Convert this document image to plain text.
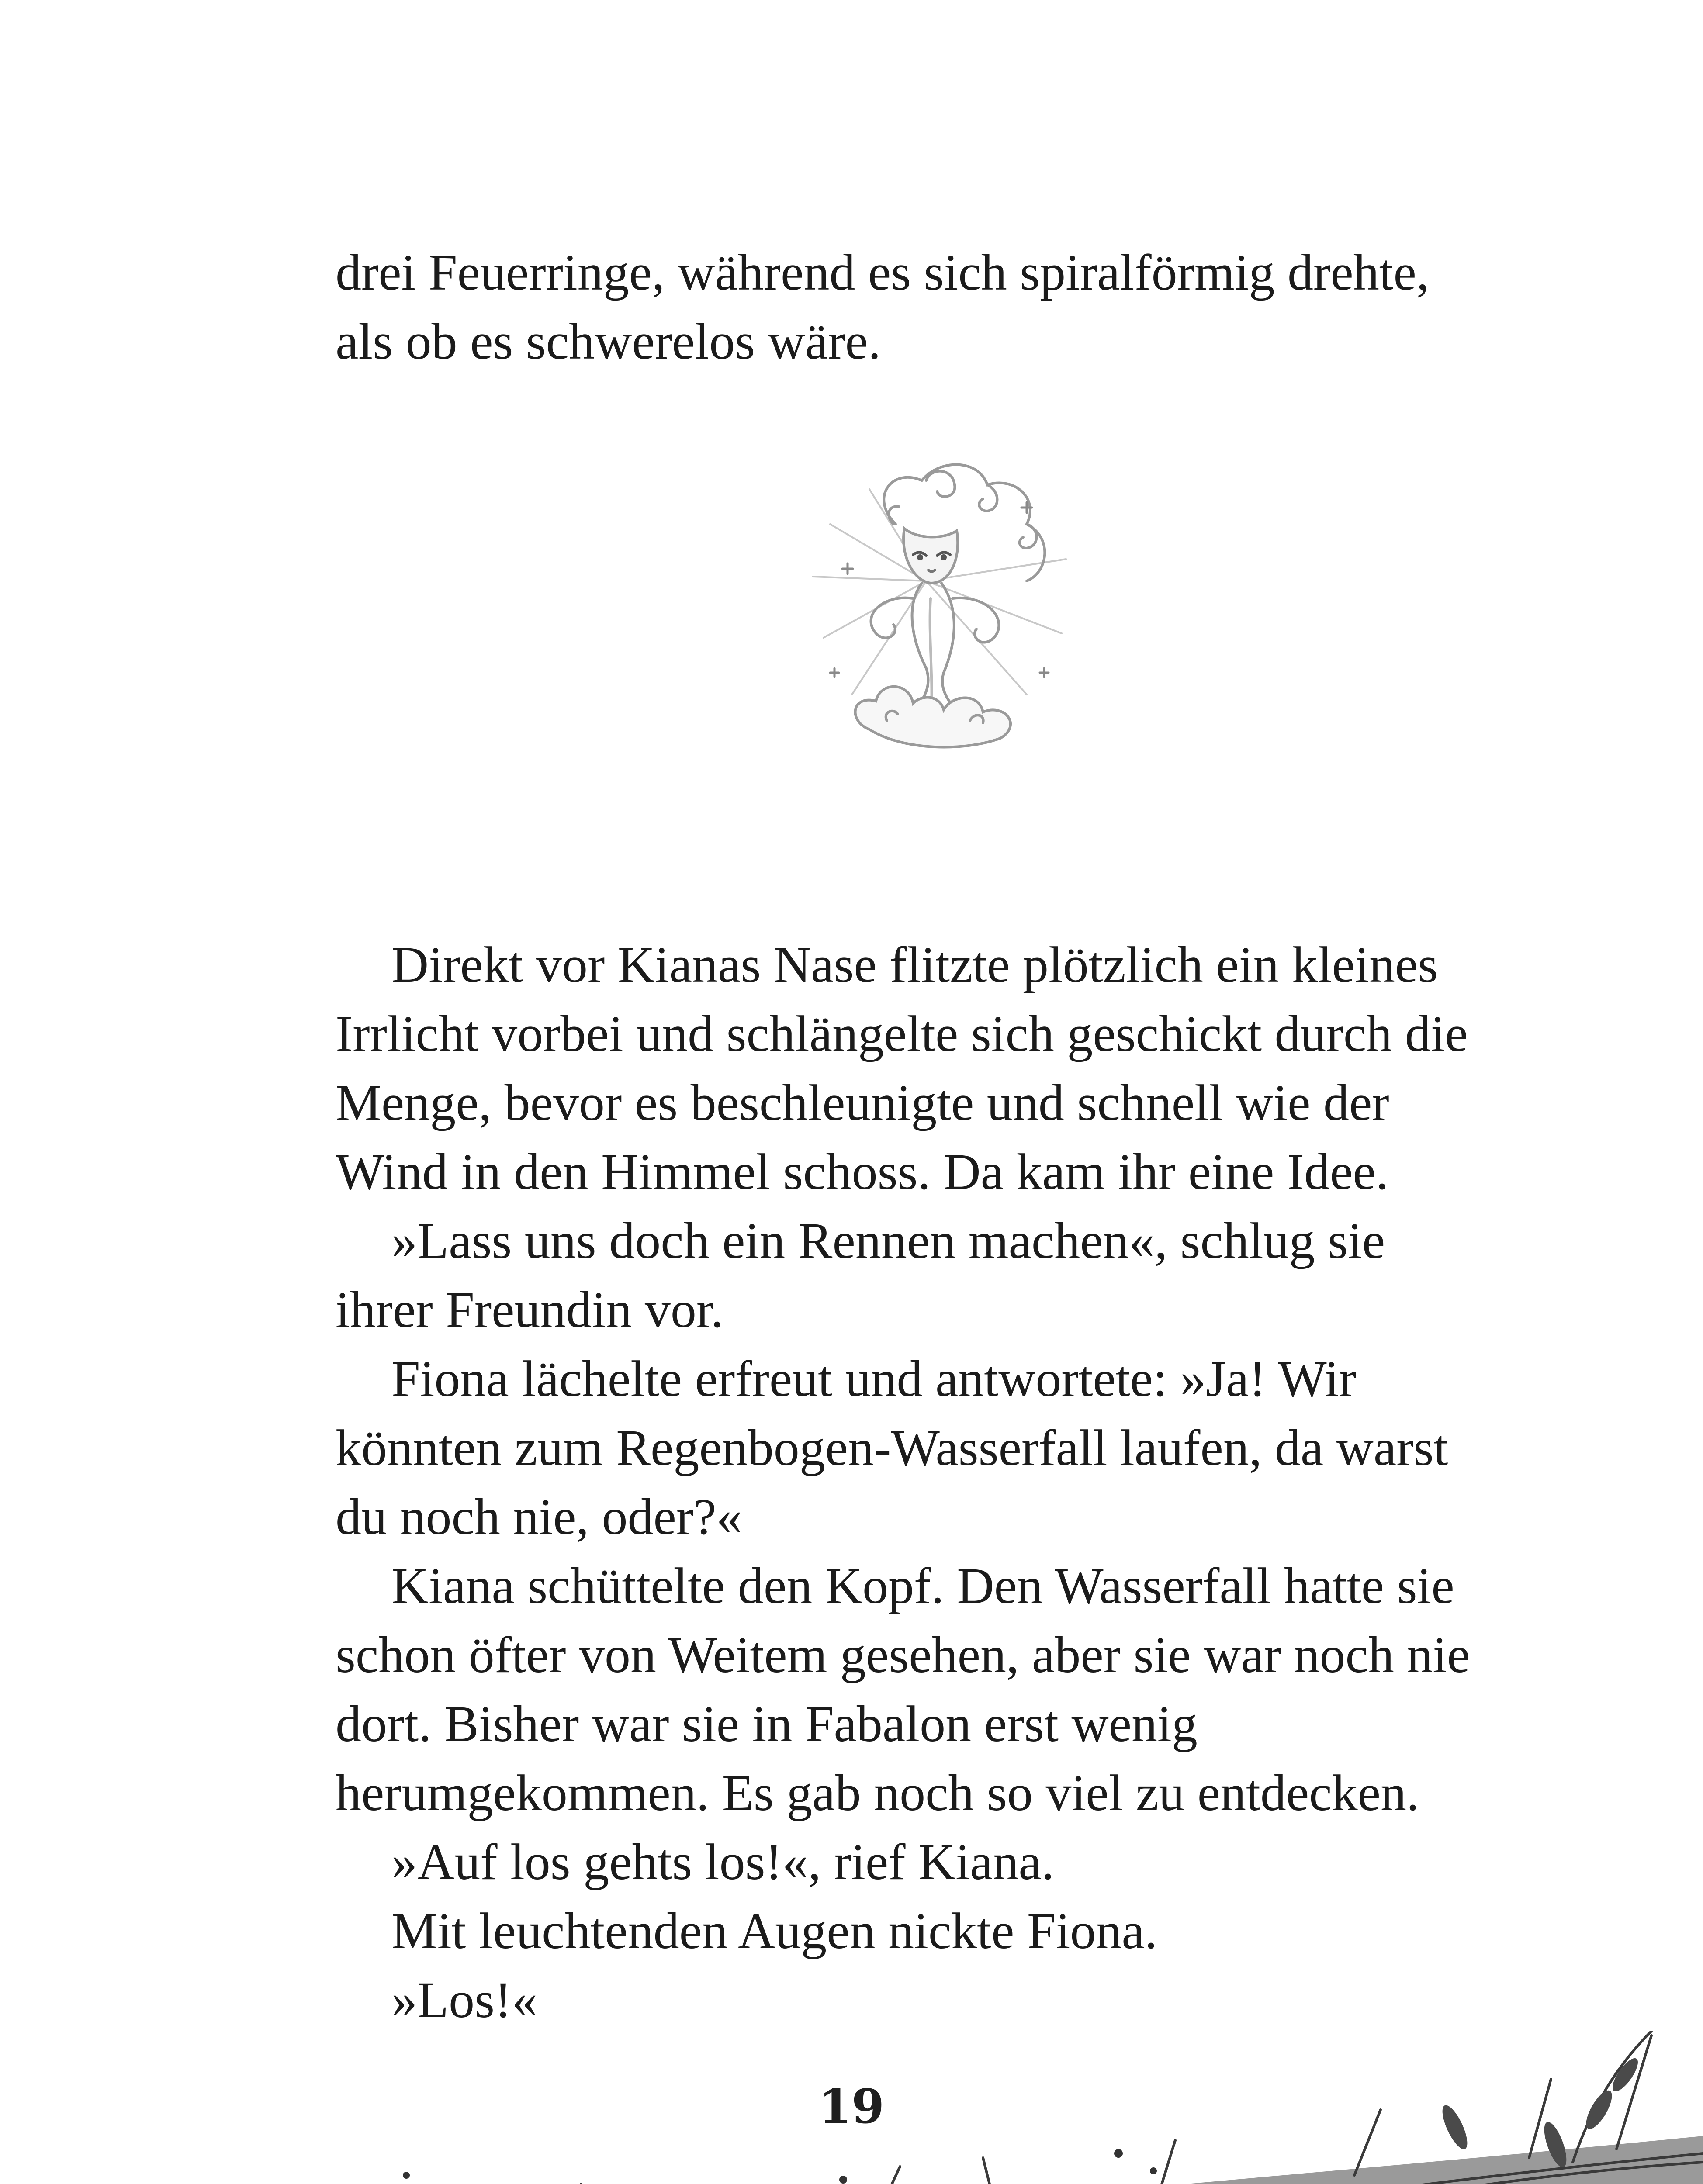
drei Feuerringe, während es sich spiralförmig drehte, als ob es schwerelos wäre.

Direkt vor Kianas Nase flitzte plötzlich ein kleines Irrlicht vorbei und schlängelte sich geschickt durch die Menge, bevor es beschleunigte und schnell wie der Wind in den Himmel schoss. Da kam ihr eine Idee.

»Lass uns doch ein Rennen machen«, schlug sie ihrer Freundin vor.

Fiona lächelte erfreut und antwortete: »Ja! Wir könnten zum Regenbogen-Wasserfall laufen, da warst du noch nie, oder?«

Kiana schüttelte den Kopf. Den Wasserfall hatte sie schon öfter von Weitem gesehen, aber sie war noch nie dort. Bisher war sie in Fabalon erst wenig herumgekommen. Es gab noch so viel zu entdecken.

»Auf los gehts los!«, rief Kiana.

Mit leuchtenden Augen nickte Fiona.

»Los!«

19
